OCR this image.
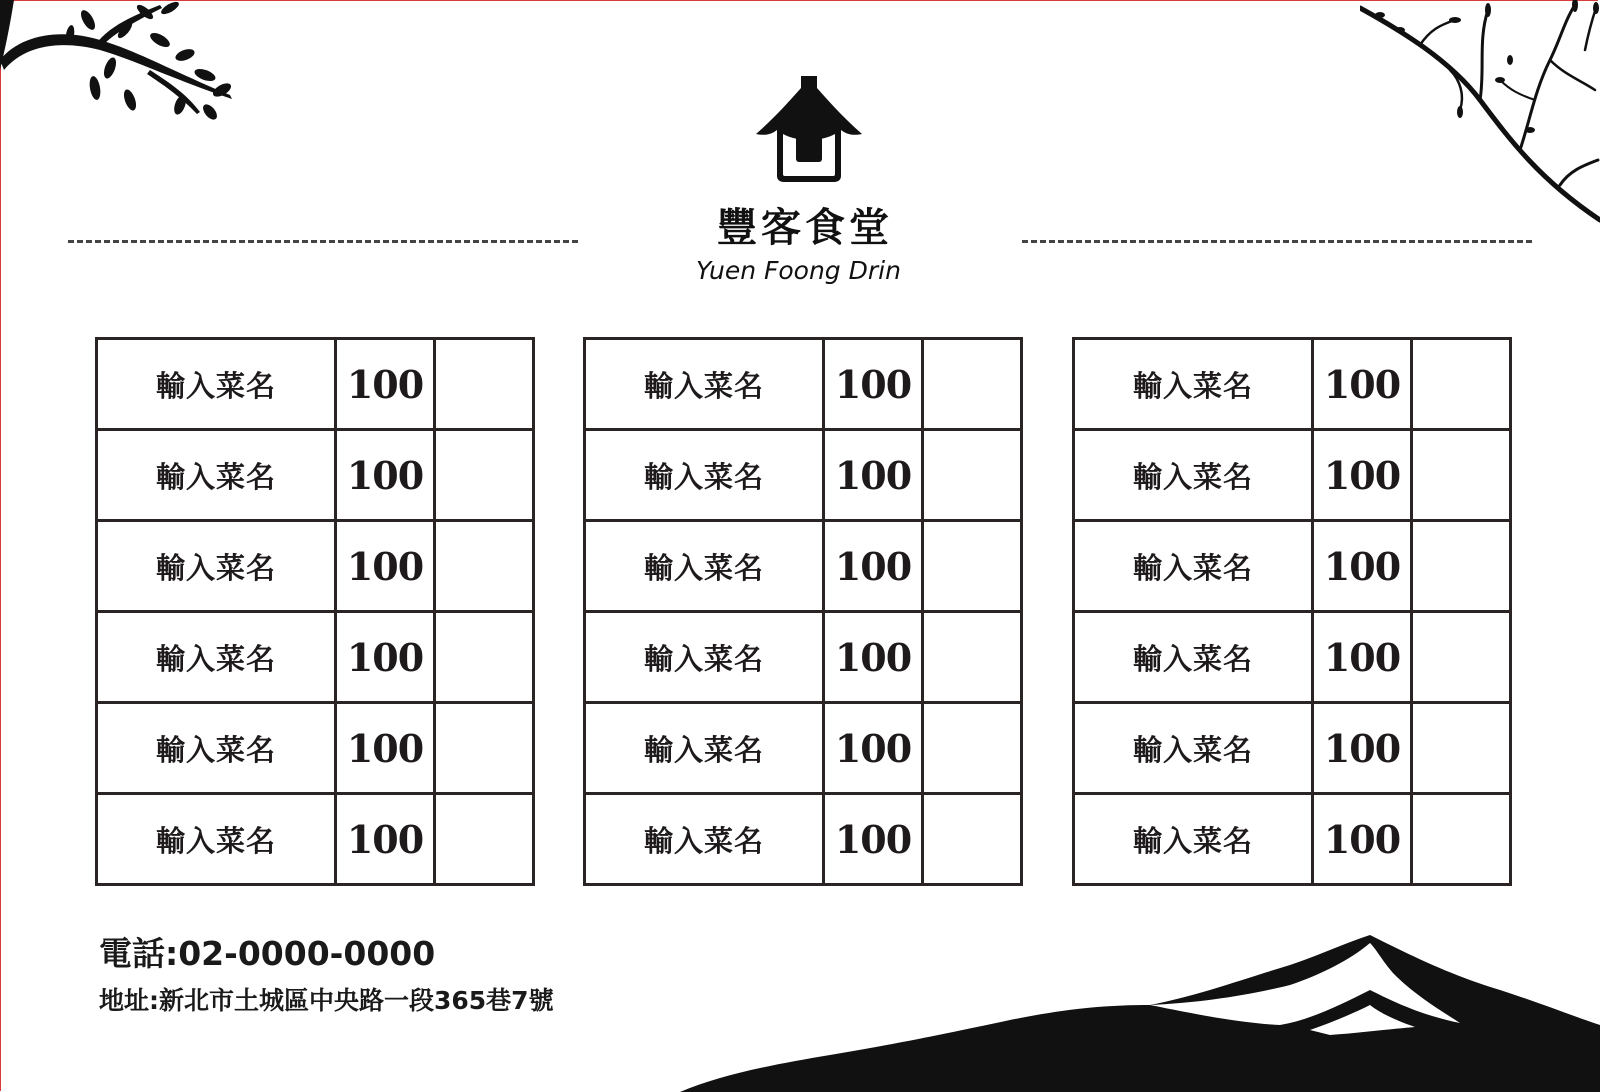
豐客食堂
Yuen Foong Drin
輸入菜名	100	
輸入菜名	100	
輸入菜名	100	
輸入菜名	100	
輸入菜名	100	
輸入菜名	100	
輸入菜名	100	
輸入菜名	100	
輸入菜名	100	
輸入菜名	100	
輸入菜名	100	
輸入菜名	100	
輸入菜名	100	
輸入菜名	100	
輸入菜名	100	
輸入菜名	100	
輸入菜名	100	
輸入菜名	100	
電話:02-0000-0000
地址:新北市土城區中央路一段365巷7號
